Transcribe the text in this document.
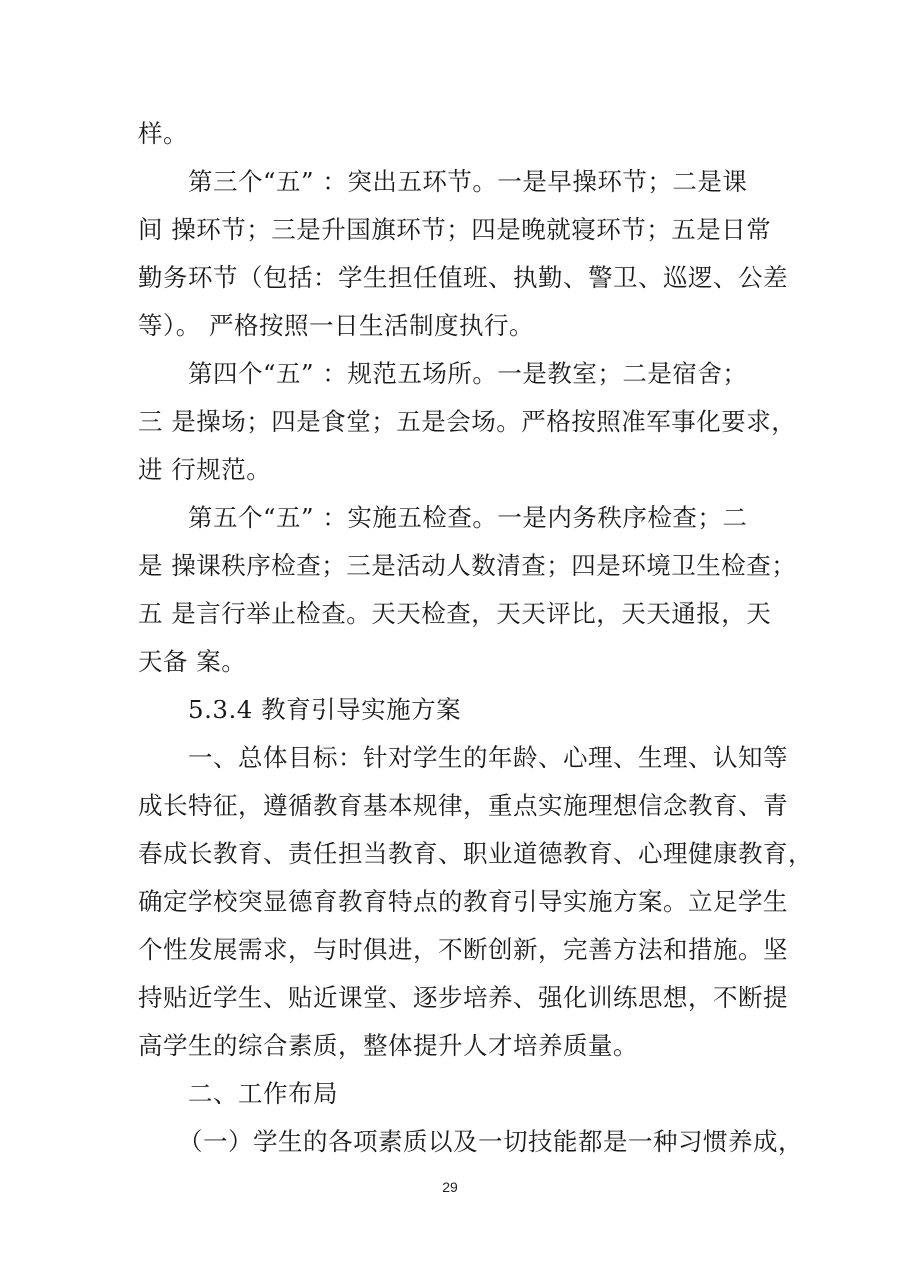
样。
第三个“五” ：突出五环节。一是早操环节；二是课
间 操环节；三是升国旗环节；四是晚就寝环节；五是日常
勤务环节（包括：学生担任值班、执勤、警卫、巡逻、公差
等）。 严格按照一日生活制度执行。
第四个“五” ：规范五场所。一是教室；二是宿舍；
三 是操场；四是食堂；五是会场。严格按照准军事化要求，
进 行规范。
第五个“五” ：实施五检查。一是内务秩序检查；二
是 操课秩序检查；三是活动人数清查；四是环境卫生检查；
五 是言行举止检查。天天检查，天天评比，天天通报，天
天备 案。
5.3.4 教育引导实施方案
一、总体目标：针对学生的年龄、心理、生理、认知等
成长特征，遵循教育基本规律，重点实施理想信念教育、青
春成长教育、责任担当教育、职业道德教育、心理健康教育，
确定学校突显德育教育特点的教育引导实施方案。立足学生
个性发展需求，与时俱进，不断创新，完善方法和措施。坚
持贴近学生、贴近课堂、逐步培养、强化训练思想，不断提
高学生的综合素质，整体提升人才培养质量。
二、工作布局
（一）学生的各项素质以及一切技能都是一种习惯养成，
29
